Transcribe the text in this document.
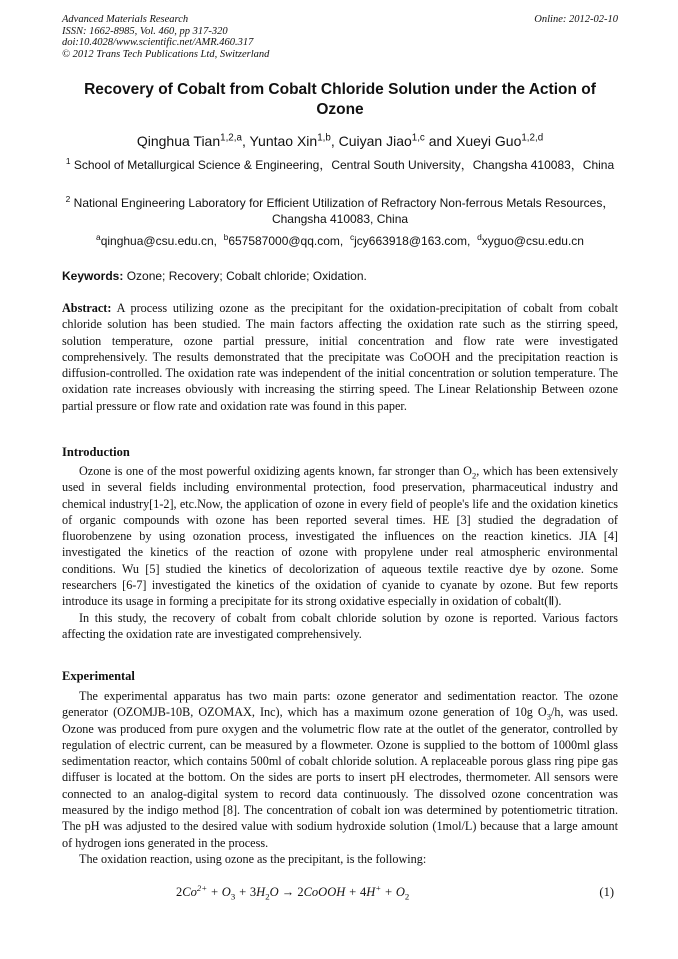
Advanced Materials Research
ISSN: 1662-8985, Vol. 460, pp 317-320
doi:10.4028/www.scientific.net/AMR.460.317
© 2012 Trans Tech Publications Ltd, Switzerland
Online: 2012-02-10
Recovery of Cobalt from Cobalt Chloride Solution under the Action of Ozone
Qinghua Tian$^{1,2,a}$, Yuntao Xin$^{1,b}$, Cuiyan Jiao$^{1,c}$ and Xueyi Guo$^{1,2,d}$
$^1$ School of Metallurgical Science & Engineering，Central South University，Changsha 410083，China
$^2$ National Engineering Laboratory for Efficient Utilization of Refractory Non-ferrous Metals Resources，Changsha 410083, China
$^a$qinghua@csu.edu.cn,  $^b$657587000@qq.com,  $^c$jcy663918@163.com,  $^d$xyguo@csu.edu.cn
Keywords: Ozone; Recovery; Cobalt chloride; Oxidation.

Abstract: A process utilizing ozone as the precipitant for the oxidation-precipitation of cobalt from cobalt chloride solution has been studied. The main factors affecting the oxidation rate such as the stirring speed, solution temperature, ozone partial pressure, initial concentration and flow rate were investigated comprehensively. The results demonstrated that the precipitate was CoOOH and the precipitation reaction is diffusion-controlled. The oxidation rate was independent of the initial concentration or solution temperature. The oxidation rate increases obviously with increasing the stirring speed. The Linear Relationship Between ozone partial pressure or flow rate and oxidation rate was found in this paper.

Introduction

Ozone is one of the most powerful oxidizing agents known, far stronger than $O_2$, which has been extensively used in several fields including environmental protection, food preservation, pharmaceutical industry and chemical industry[1-2], etc.Now, the application of ozone in every field of people's life and the oxidation kinetics of organic compounds with ozone has been reported several times. HE [3] studied the degradation of fluorobenzene by using ozonation process, investigated the influences on the reaction kinetics. JIA [4] investigated the kinetics of the reaction of ozone with propylene under real atmospheric environmental conditions. Wu [5] studied the kinetics of decolorization of aqueous textile reactive dye by ozone. Some researchers [6-7] investigated the kinetics of the oxidation of cyanide to cyanate by ozone. But few reports introduce its usage in forming a precipitate for its strong oxidative especially in oxidation of cobalt(Ⅱ).

In this study, the recovery of cobalt from cobalt chloride solution by ozone is reported. Various factors affecting the oxidation rate are investigated comprehensively.

Experimental

The experimental apparatus has two main parts: ozone generator and sedimentation reactor. The ozone generator (OZOMJB-10B, OZOMAX, Inc), which has a maximum ozone generation of 10g $O_3/h$, was used. Ozone was produced from pure oxygen and the volumetric flow rate at the outlet of the generator, controlled by regulation of electric current, can be measured by a flowmeter. Ozone is supplied to the bottom of 1000ml glass sedimentation reactor, which contains 500ml of cobalt chloride solution. A replaceable porous glass ring pipe gas diffuser is located at the bottom. On the sides are ports to insert pH electrodes, thermometer. All sensors were connected to an analog-digital system to record data continuously. The dissolved ozone concentration was measured by the indigo method [8]. The concentration of cobalt ion was determined by potentiometric titration. The pH was adjusted to the desired value with sodium hydroxide solution (1mol/L) because that a large amount of hydrogen ions generated in the process.

The oxidation reaction, using ozone as the precipitant, is the following:

$2Co^{2+} + O_3 + 3H_2O$ → 2CoOOH + $4H^+ + O_2$	(1)
